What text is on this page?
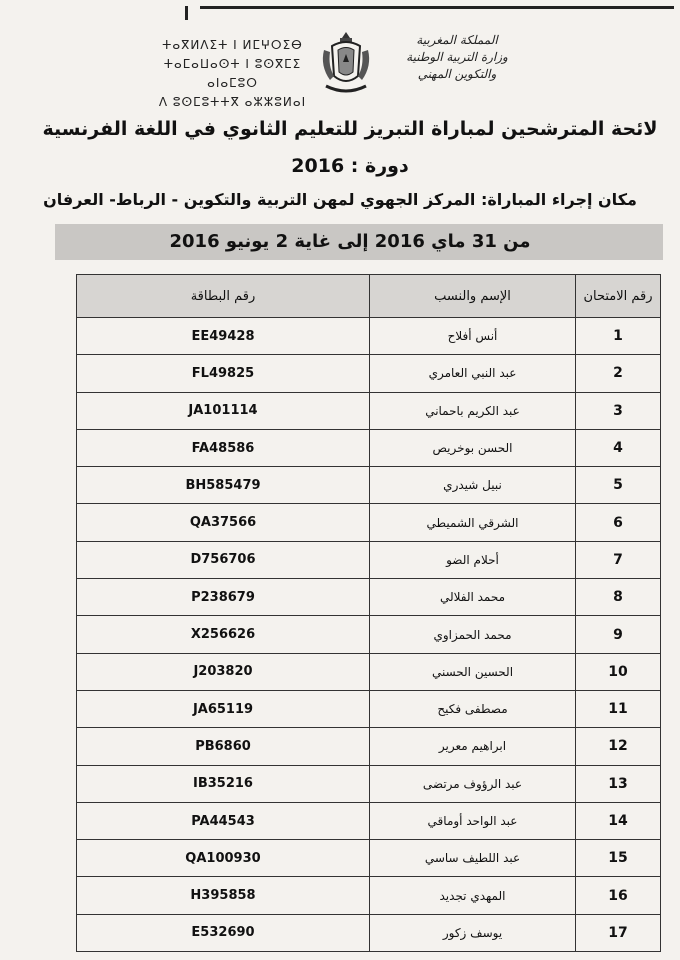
ⵜⴰⴳⵍⴷⵉⵜ ⵏ ⵍⵎⵖⵔⵉⴱ
ⵜⴰⵎⴰⵡⴰⵙⵜ ⵏ ⵓⵙⴳⵎⵉ ⴰⵏⴰⵎⵓⵔ
ⴷ ⵓⵙⵎⵓⵜⵜⴳ ⴰⵣⵣⵓⵍⴰⵏ
المملكة المغربية
وزارة التربية الوطنية
والتكوين المهني
لائحة المترشحين لمباراة التبريز للتعليم الثانوي في اللغة الفرنسية
دورة : 2016
مكان إجراء المباراة: المركز الجهوي لمهن التربية والتكوين - الرباط- العرفان
من 31 ماي 2016 إلى غاية 2 يونيو 2016
رقم البطاقة	الإسم والنسب	رقم الامتحان
EE49428	أنس أفلاح	1
FL49825	عبد النبي العامري	2
JA101114	عبد الكريم باحماني	3
FA48586	الحسن بوخريص	4
BH585479	نبيل شيدري	5
QA37566	الشرقي الشميطي	6
D756706	أحلام الضو	7
P238679	محمد الفلالي	8
X256626	محمد الحمزاوي	9
J203820	الحسين الحسني	10
JA65119	مصطفى فكيح	11
PB6860	ابراهيم معرير	12
IB35216	عبد الرؤوف مرتضى	13
PA44543	عبد الواحد أوماقي	14
QA100930	عبد اللطيف ساسي	15
H395858	المهدي تجديد	16
E532690	يوسف زكور	17
